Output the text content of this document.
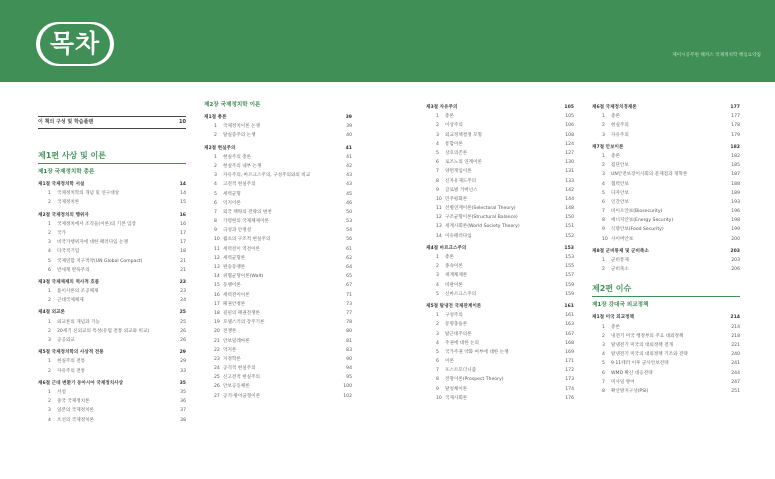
목차	제이시공무원 해커스 국제정치학 핵심요약집
이 책의 구성 및 학습플랜	10
제1편 사상 및 이론
제1장 국제정치학 총론
제1절 국제정치학 서설	14
1 국제정치학의 개념 및 연구대상	14
2 국제정치론	15
제2절 국제정치의 행위자	16
1 국제정치에서 조직들(이론)의 기본 입장	16
2 국가	17
3 비국가행위자에 대한 패러다임 논쟁	17
4 다국적기업	18
5 국제연합 지구적약(UN Global Compact)	21
6 반세계 반독주의	21
제3절 국제체제의 역사적 흐름	23
1 틀이사론의 조공체제	23
2 근대국제체제	24
제4절 외교론	25
1 외교론의 개념과 기능	25
2 20세기 신외교의 특성(유럽 전통 외교와 비교)	26
3 공공외교	26
제5절 국제정치학의 사상적 전통	29
1 현실주의 전통	29
2 자유주의 전통	33
제6절 근대 변환기 동아시아 국제정치사상	35
1 서설	35
2 중국 국제정치론	36
3 일본의 국제정치론	37
4 조선의 국제정치론	38
제2장 국제정치학 이론
제1절 총론	39
1 국제정치이론 논쟁	39
2 탈실증주의 논쟁	40
제2절 현실주의	41
1 현실주의 총론	41
2 현실주의 내부 논쟁	42
3 자유주의, 마르크스주의, 구성주의와의 비교	43
4 고전적 현실주의	43
5 세력균형	45
6 억지이론	46
7 외국 책략의 전략의 변천	50
8 가령현의 국제체제이론	53
9 극성과 안정성	54
10 월츠의 구조적 현실주의	56
11 세력전이 역전이론	61
12 세력균형론	62
13 편승동맹론	64
14 위협균형이론(Walt)	65
15 동맹이론	67
16 세력전이이론	71
17 패권안정론	73
18 길핀의 패권전쟁론	77
19 모델스키의 장주기론	78
20 전쟁론	80
21 안보딜레마론	81
22 억지론	83
23 지정학론	90
24 공격적 현실주의	94
25 신고전적 현실주의	95
26 안보공동체론	100
27 공격-방어균형이론	102
제3절 자유주의	105
1 총론	105
2 이상주의	106
3 외교정책결정 모형	108
4 통합이론	124
5 상호의존론	127
6 로즈노의 연계이론	130
7 양면게임이론	131
8 신자유제도주의	133
9 글로벌 거버넌스	142
10 민주평화론	144
11 선별연계이론(Selectoral Theory)	148
12 구조균형이론(Structural Balance)	150
13 세계사회론(World Society Theory)	151
14 이슈패러다임	152
제4절 마르크스주의	153
1 총론	153
2 종속이론	155
3 세계체제론	157
4 비판이론	159
5 신마르크스주의	159
제5절 탈냉전 국제관계이론	161
1 구성주의	161
2 문명충돌론	163
3 탈근대주의론	167
4 주권에 대한 논의	168
5 국가주권 약화 여부에 대한 논쟁	169
6 이론	171
7 포스트모더니즘	172
8 전망이론(Prospect Theory)	173
9 탈칭체이론	174
10 국제사회론	176
제6절 국제정치경제론	177
1 총론	177
2 현실주의	178
3 자유주의	179
제7절 안보이론	182
1 총론	182
2 집단안보	185
3 UN안전보장이사회의 문제점과 개혁론	187
4 협력안보	188
5 다자안보	189
6 인간안보	193
7 바이오안보(Biosecurity)	196
8 에너지안보(Energy Security)	198
9 식량안보(Food Security)	199
10 사이버안보	200
제8절 군비통제 및 군비축소	203
1 군비통제	203
2 군비축소	206
제2편 이슈
제1장 강대국 외교정책
제1절 미국 외교정책	214
1 총론	214
2 냉전기 미국 행정부의 주요 대외정책	218
3 탈냉전기 미국의 대외정책 전개	221
4 탈냉전기 미국의 대외정책 기조와 전략	240
5 9·11테러 이후 군사안보전략	241
6 WMD 확산 대응전략	244
7 미사일 방어	247
8 확산방지구상(PSI)	251
